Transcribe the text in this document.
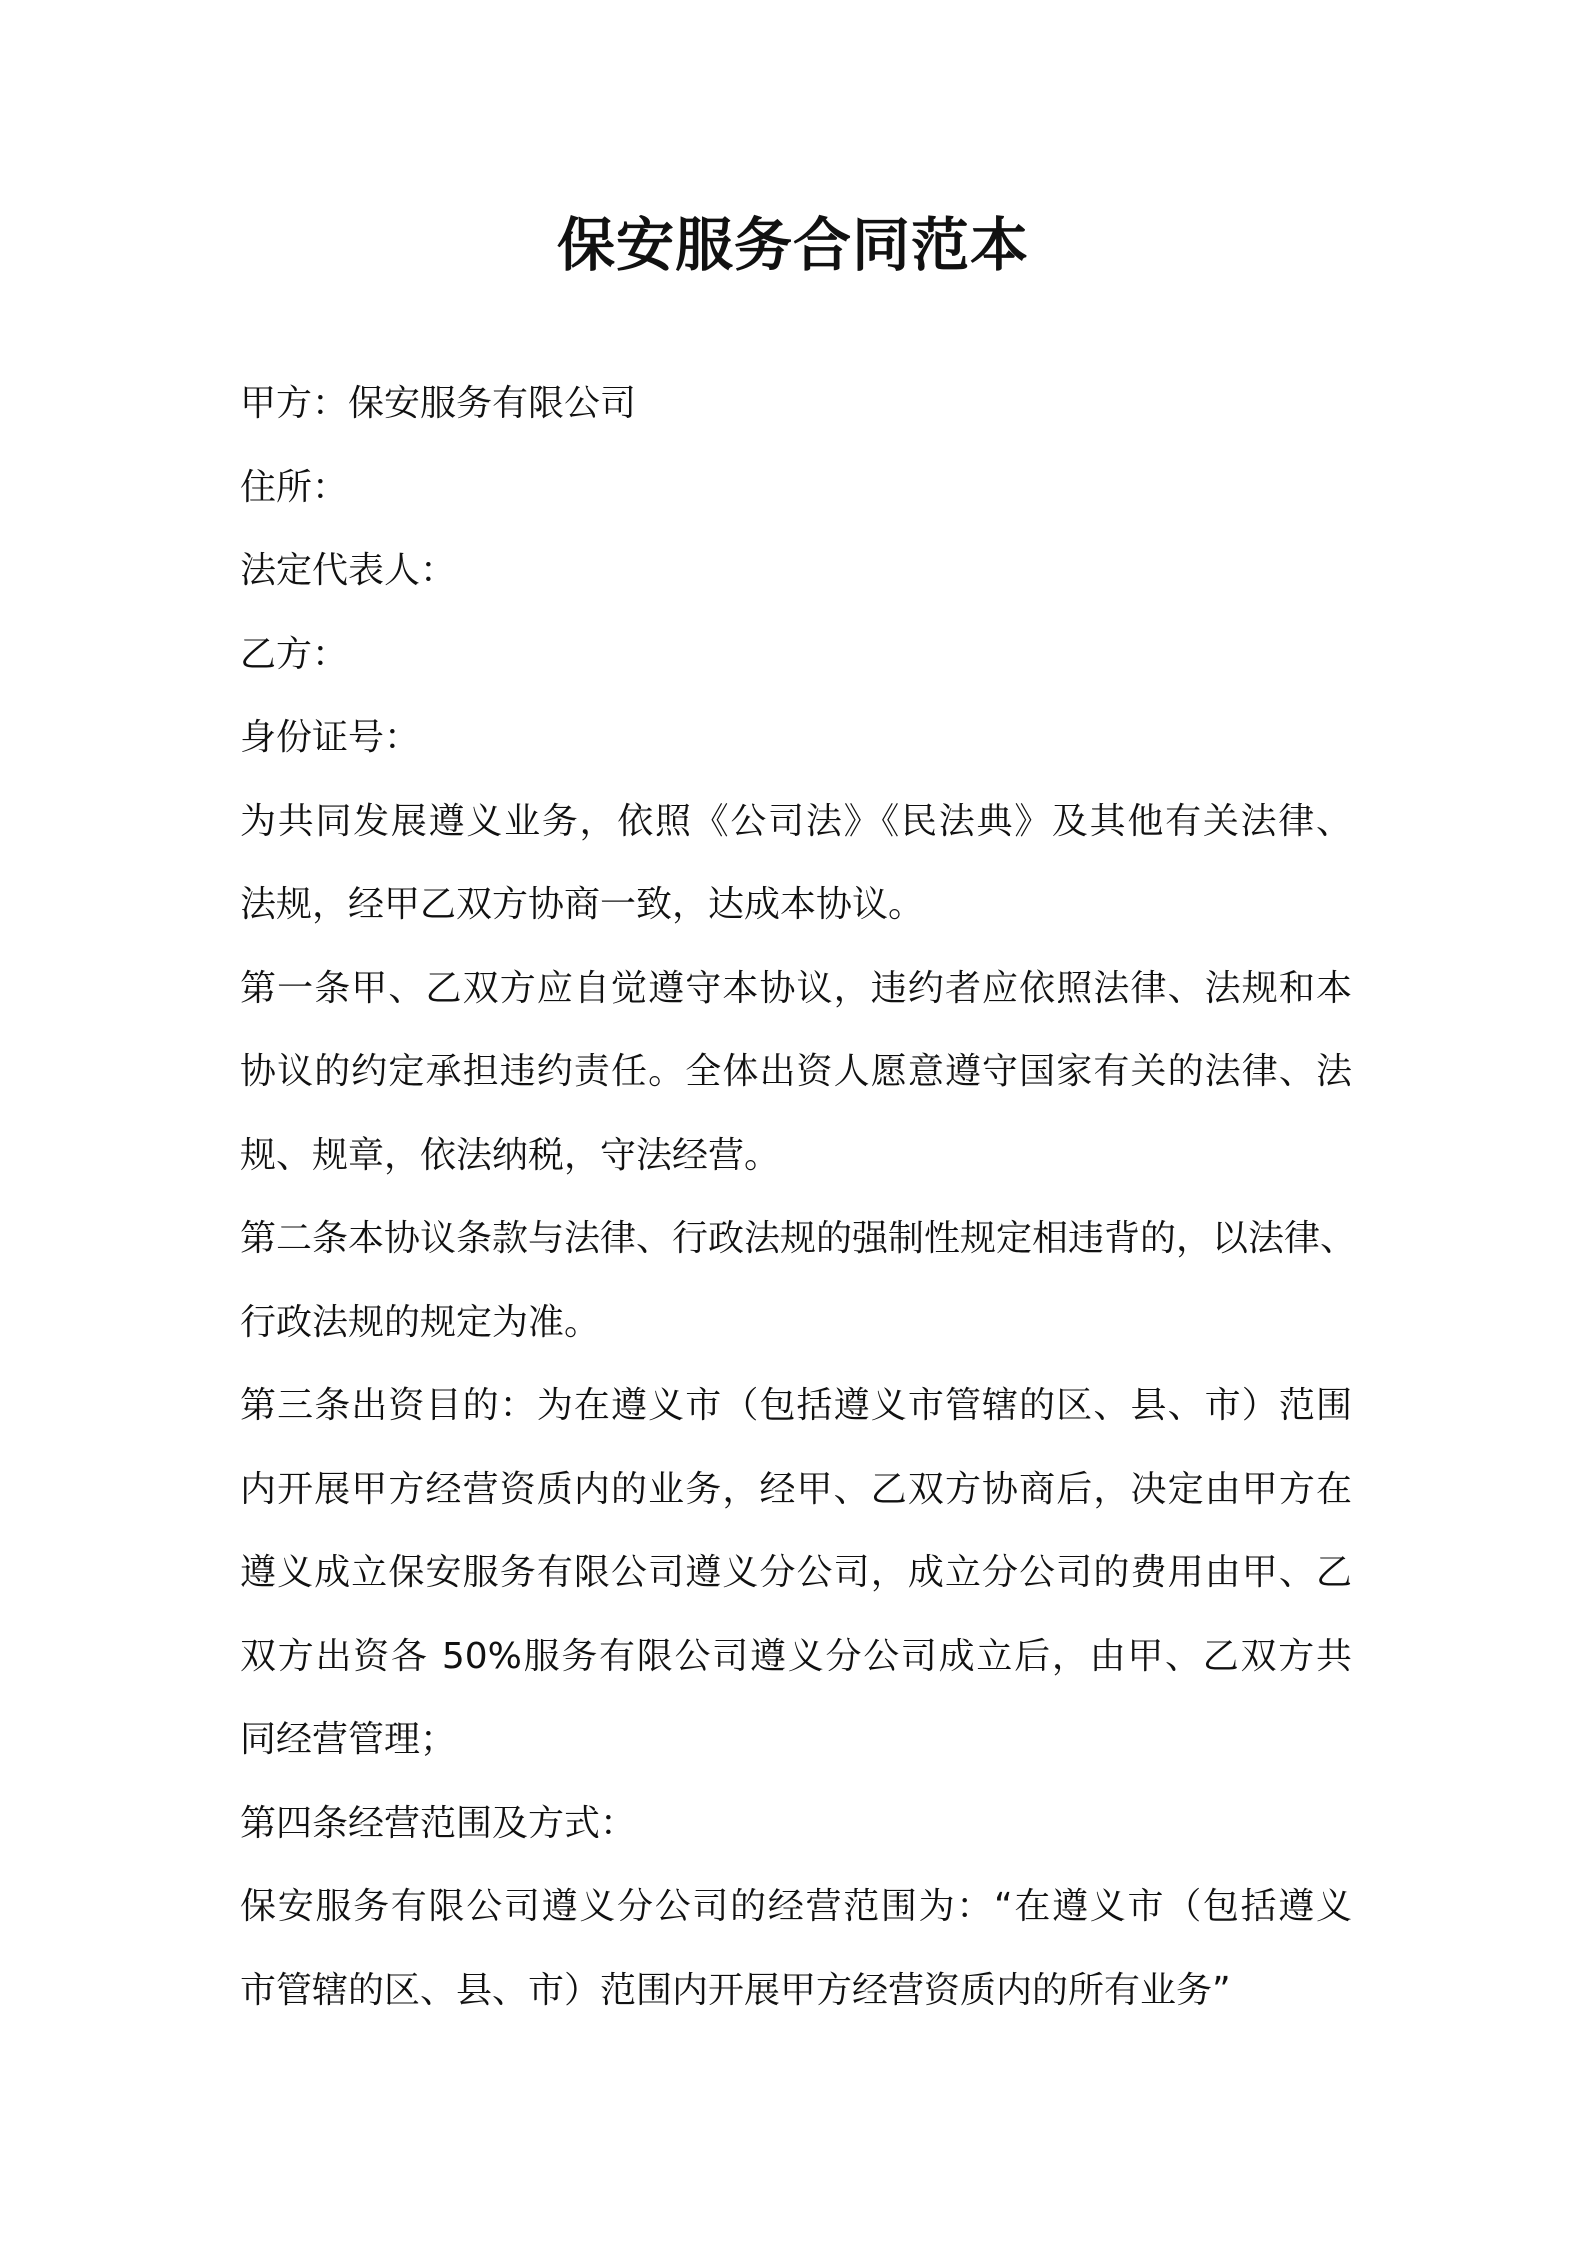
保安服务合同范本
甲方：保安服务有限公司
住所：
法定代表人：
乙方：
身份证号：
为共同发展遵义业务，依照《公司法》《民法典》及其他有关法律、
法规，经甲乙双方协商一致，达成本协议。
第一条甲、乙双方应自觉遵守本协议，违约者应依照法律、法规和本
协议的约定承担违约责任。全体出资人愿意遵守国家有关的法律、法
规、规章，依法纳税，守法经营。
第二条本协议条款与法律、行政法规的强制性规定相违背的，以法律、
行政法规的规定为准。
第三条出资目的：为在遵义市（包括遵义市管辖的区、县、市）范围
内开展甲方经营资质内的业务，经甲、乙双方协商后，决定由甲方在
遵义成立保安服务有限公司遵义分公司，成立分公司的费用由甲、乙
双方出资各 50%服务有限公司遵义分公司成立后，由甲、乙双方共
同经营管理；
第四条经营范围及方式：
保安服务有限公司遵义分公司的经营范围为：“在遵义市（包括遵义
市管辖的区、县、市）范围内开展甲方经营资质内的所有业务”
